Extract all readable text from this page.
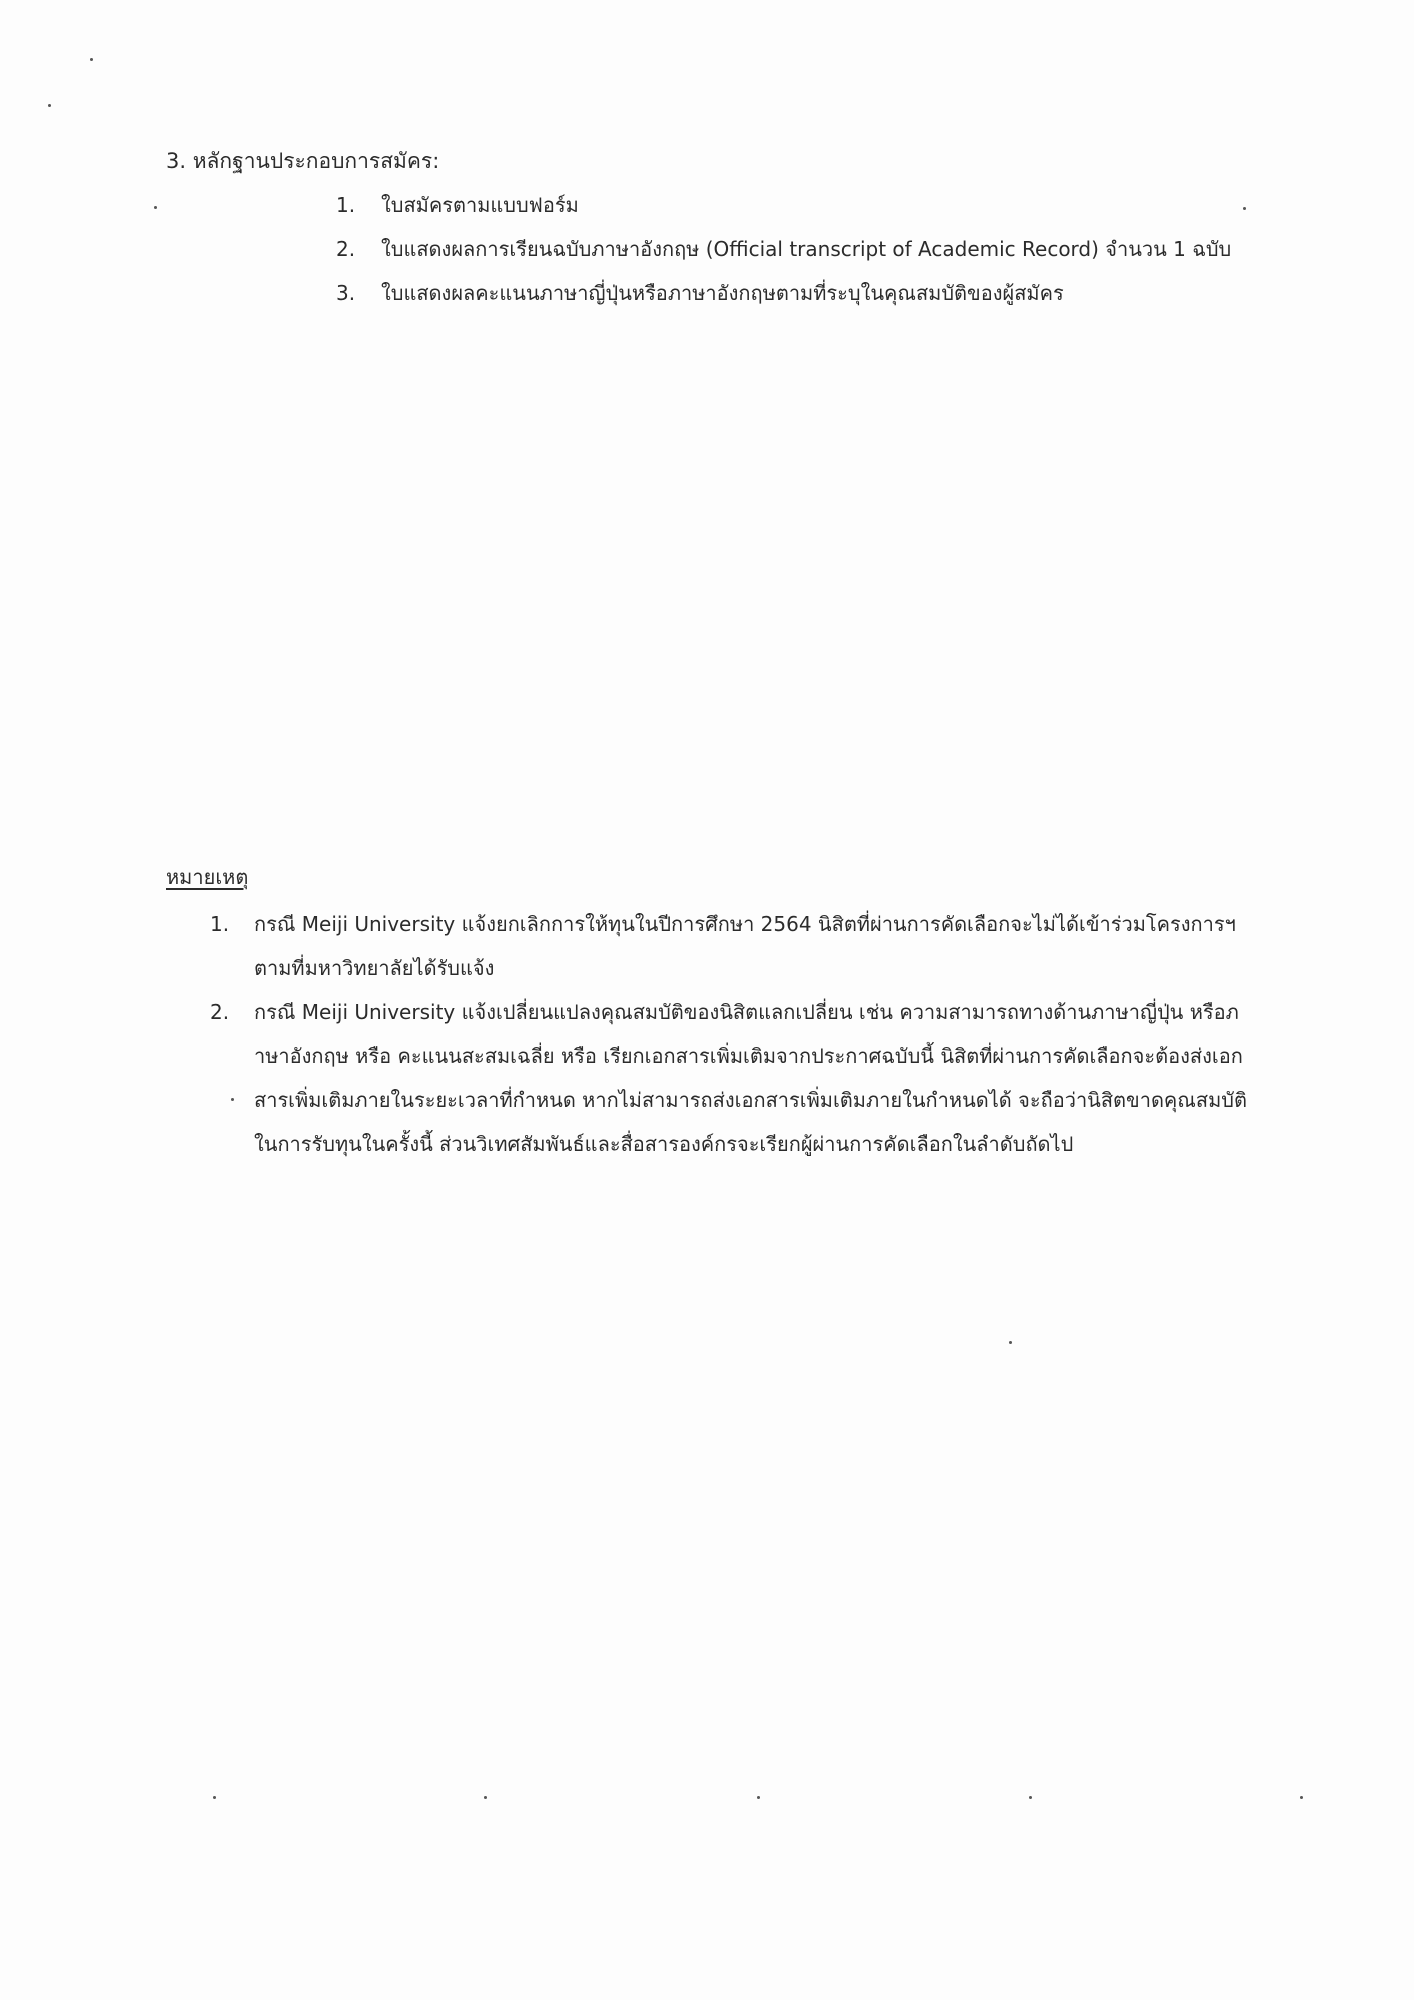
3. หลักฐานประกอบการสมัคร:
1. ใบสมัครตามแบบฟอร์ม
2. ใบแสดงผลการเรียนฉบับภาษาอังกฤษ (Official transcript of Academic Record) จำนวน 1 ฉบับ
3. ใบแสดงผลคะแนนภาษาญี่ปุ่นหรือภาษาอังกฤษตามที่ระบุในคุณสมบัติของผู้สมัคร
หมายเหตุ
1. กรณี Meiji University แจ้งยกเลิกการให้ทุนในปีการศึกษา 2564 นิสิตที่ผ่านการคัดเลือกจะไม่ได้เข้าร่วมโครงการฯ ตามที่มหาวิทยาลัยได้รับแจ้ง
2. กรณี Meiji University แจ้งเปลี่ยนแปลงคุณสมบัติของนิสิตแลกเปลี่ยน เช่น ความสามารถทางด้านภาษาญี่ปุ่น หรือภาษาอังกฤษ หรือ คะแนนสะสมเฉลี่ย หรือ เรียกเอกสารเพิ่มเติมจากประกาศฉบับนี้ นิสิตที่ผ่านการคัดเลือกจะต้องส่งเอกสารเพิ่มเติมภายในระยะเวลาที่กำหนด หากไม่สามารถส่งเอกสารเพิ่มเติมภายในกำหนดได้ จะถือว่านิสิตขาดคุณสมบัติในการรับทุนในครั้งนี้ ส่วนวิเทศสัมพันธ์และสื่อสารองค์กรจะเรียกผู้ผ่านการคัดเลือกในลำดับถัดไป
